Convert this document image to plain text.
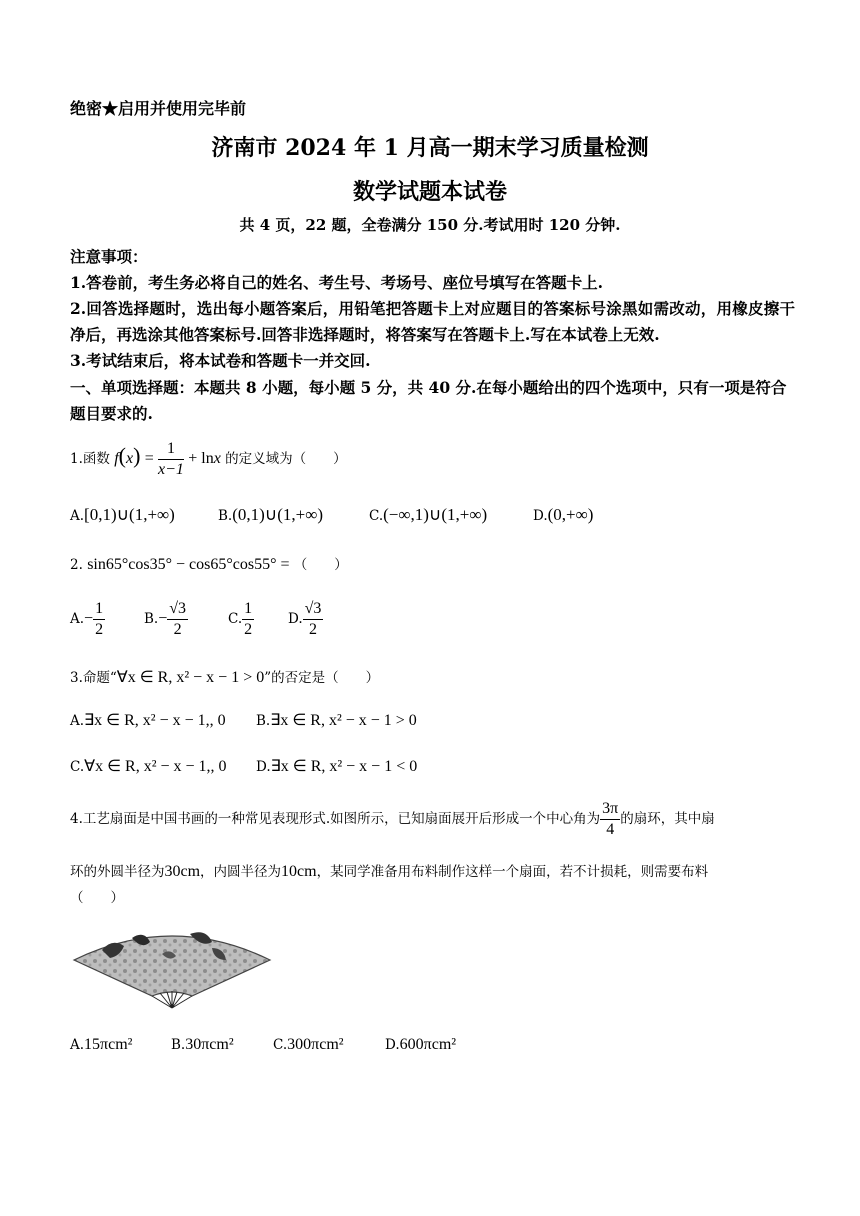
绝密★启用并使用完毕前
济南市 2024 年 1 月高一期末学习质量检测
数学试题本试卷
共 4 页，22 题，全卷满分 150 分.考试用时 120 分钟.

注意事项：

1.答卷前，考生务必将自己的姓名、考生号、考场号、座位号填写在答题卡上.

2.回答选择题时，选出每小题答案后，用铅笔把答题卡上对应题目的答案标号涂黑如需改动，用橡皮擦干净后，再选涂其他答案标号.回答非选择题时，将答案写在答题卡上.写在本试卷上无效.

3.考试结束后，将本试卷和答题卡一并交回.

一、单项选择题：本题共 8 小题，每小题 5 分，共 40 分.在每小题给出的四个选项中，只有一项是符合题目要求的.
1.函数 $f(x) = \frac{1}{x-1} + \ln x$ 的定义域为（　　）
A.[0,1)∪(1,+∞)	B.(0,1)∪(1,+∞)	C.(−∞,1)∪(1,+∞)	D.(0,+∞)
2. sin65°cos35° − cos65°cos55° = （　　）
$A.- \frac{1}{2}$	$B.- \frac{√3}{2}$	C. $\frac{1}{2}$	D. $\frac{√3}{2}$
3.命题“∀x ∈ R, x² − x − 1 > 0”的否定是（　　）
A.∃x ∈ R, x² − x − 1,, 0 B.∃x ∈ R, x² − x − 1 > 0
C.∀x ∈ R, x² − x − 1,, 0 D.∃x ∈ R, x² − x − 1 < 0
4.工艺扇面是中国书画的一种常见表现形式.如图所示，已知扇面展开后形成一个中心角为 $\frac{3\pi}{4}$ 的扇环，其中扇
环的外圆半径为30cm，内圆半径为10cm，某同学准备用布料制作这样一个扇面，若不计损耗，则需要布料
（　　）
A.15πcm²	B.30πcm²	C.300πcm²	D.600πcm²
